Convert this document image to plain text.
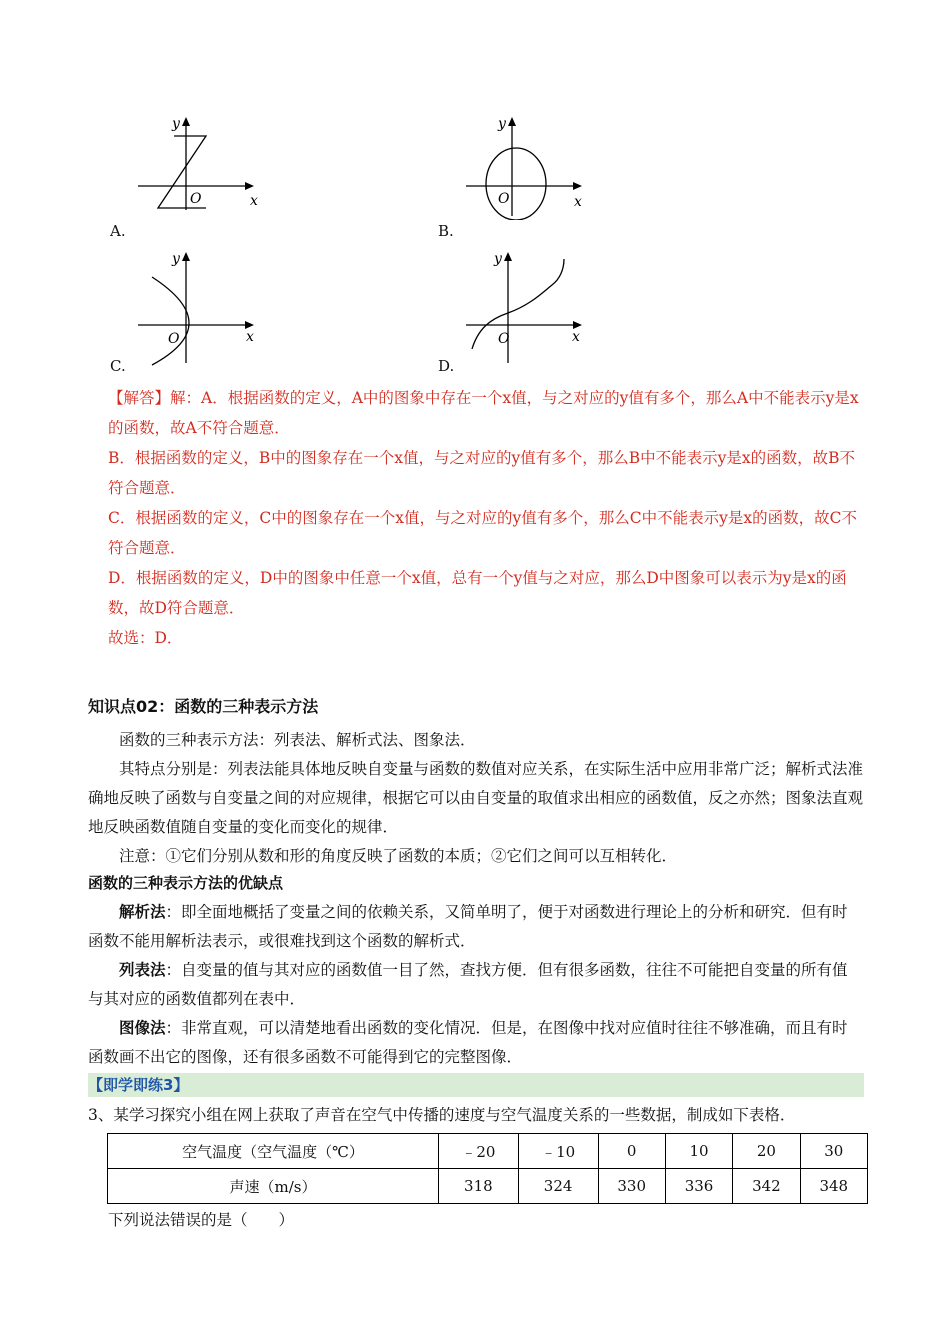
y
x
O
A.
y
x
O
B.
y
x
O
C.
y
x
O
D.

【解答】解：A．根据函数的定义，A中的图象中存在一个x值，与之对应的y值有多个，那么A中不能表示y是x的函数，故A不符合题意．

B．根据函数的定义，B中的图象存在一个x值，与之对应的y值有多个，那么B中不能表示y是x的函数，故B不符合题意．

C．根据函数的定义，C中的图象存在一个x值，与之对应的y值有多个，那么C中不能表示y是x的函数，故C不符合题意．

D．根据函数的定义，D中的图象中任意一个x值，总有一个y值与之对应，那么D中图象可以表示为y是x的函数，故D符合题意．

故选：D．

知识点02：函数的三种表示方法

函数的三种表示方法：列表法、解析式法、图象法．

其特点分别是：列表法能具体地反映自变量与函数的数值对应关系，在实际生活中应用非常广泛；解析式法准确地反映了函数与自变量之间的对应规律，根据它可以由自变量的取值求出相应的函数值，反之亦然；图象法直观地反映函数值随自变量的变化而变化的规律．

注意：①它们分别从数和形的角度反映了函数的本质；②它们之间可以互相转化．

函数的三种表示方法的优缺点

解析法：即全面地概括了变量之间的依赖关系，又简单明了，便于对函数进行理论上的分析和研究．但有时函数不能用解析法表示，或很难找到这个函数的解析式．

列表法：自变量的值与其对应的函数值一目了然，查找方便．但有很多函数，往往不可能把自变量的所有值与其对应的函数值都列在表中．

图像法：非常直观，可以清楚地看出函数的变化情况．但是，在图像中找对应值时往往不够准确，而且有时函数画不出它的图像，还有很多函数不可能得到它的完整图像．

【即学即练3】
3、某学习探究小组在网上获取了声音在空气中传播的速度与空气温度关系的一些数据，制成如下表格．
空气温度（空气温度（℃）	﹣20	﹣10	0	10	20	30
声速（m/s）	318	324	330	336	342	348
下列说法错误的是（　　）
